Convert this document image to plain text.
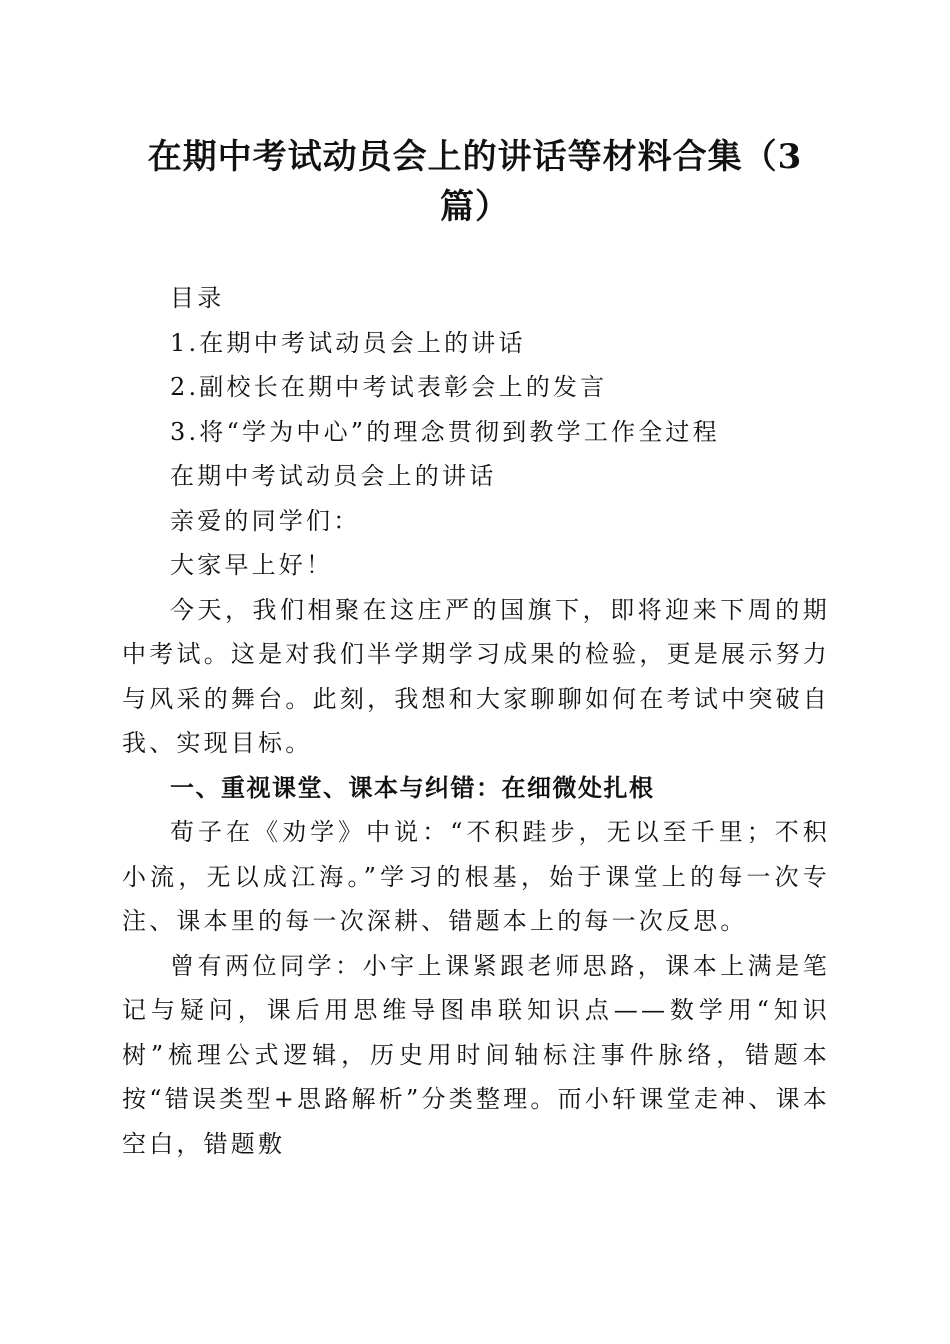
在期中考试动员会上的讲话等材料合集（3篇）

目录

1.在期中考试动员会上的讲话

2.副校长在期中考试表彰会上的发言

3.将“学为中心”的理念贯彻到教学工作全过程

在期中考试动员会上的讲话

亲爱的同学们：

大家早上好！

今天，我们相聚在这庄严的国旗下，即将迎来下周的期中考试。这是对我们半学期学习成果的检验，更是展示努力与风采的舞台。此刻，我想和大家聊聊如何在考试中突破自我、实现目标。

一、重视课堂、课本与纠错：在细微处扎根

荀子在《劝学》中说：“不积跬步，无以至千里；不积小流，无以成江海。”学习的根基，始于课堂上的每一次专注、课本里的每一次深耕、错题本上的每一次反思。

曾有两位同学：小宇上课紧跟老师思路，课本上满是笔记与疑问，课后用思维导图串联知识点——数学用“知识树”梳理公式逻辑，历史用时间轴标注事件脉络，错题本按“错误类型+思路解析”分类整理。而小轩课堂走神、课本空白，错题敷
